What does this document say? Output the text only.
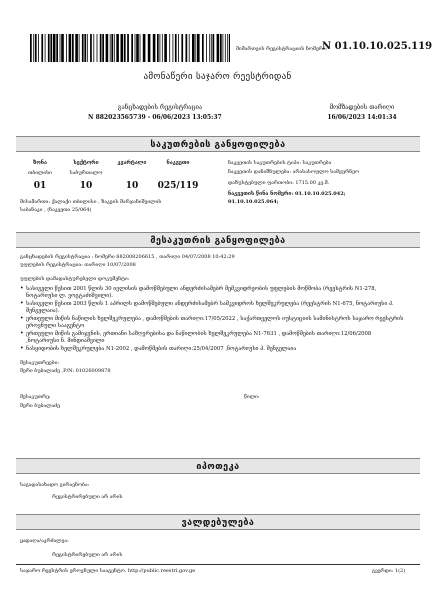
მიმართვის რეგისტრაციის ნომერი:
N 01.10.10.025.119
ამონაწერი საჯარო რეესტრიდან
განცხადების რეგისტრაცია
N 882023565739 - 06/06/2023 13:05:37
მომზადების თარიღი
16/06/2023 14:01:34
საკუთრების განყოფილება
ზონა	სექტორი	კვარტალი	ნაკვეთი
თბილისი	საბურთალო
01	10	10	025/119
მისამართი: ქალაქი თბილისი , ზაკეის მარჯანიშვილის
საბანაკი , (ნაკვეთი 25/064)
ნაკვეთის საკუთრების ტიპი: საკუთრება
ნაკვეთის დანიშნულება: არასასოფლო სამეურნეო
დაზუსტებული ფართობი: 1715.00 კვ.მ.
ნაკვეთის წინა ნომერი: 01.10.10.025.042;
01.10.10.025.064;
მესაკუთრის განყოფილება
განცხადების რეგისტრაცია : ნომერი 882008206615 , თარიღი 04/07/2008 10:42:29
უფლების რეგისტრაცია: თარიღი 10/07/2008
უფლების დამადასტურებელი დოკუმენტი:
• სასიგელი წესით 2001 წლის 30 ივლისის დამოწმებული ანდერძისამებრ მემკვიდრეობის უფლების მოწმობა (რეესტრის N1-278, ნოტარიუსი ლ. ვოგტაძიშვილი).
• სასიგელი წესით 2003 წლის 1 აპრილს დამოწმებული ანდერძისამებრ სამკვიდროს ხელშეკრულება (რეესტრის N1-675, ნოტარიუსი პ. შენგელაია).
• ერთეული მიწის ნაწილის ხელშეკრულება , დამოწმების თარიღი:17/05/2022 , საქართველოს იუსტიციის სამინისტროს საჯარო რეესტრის ეროვნული სააგენტო
• ერთეული მიწის გამიჯვნის, ერთიანი საზღვრებისა და ნაწილობის ხელშეკრულება N1-7631 , დამოწმების თარიღი:12/06/2008 ,ნოტარიუსი ნ. მინდიაშვილი
• ნასყიდობის ხელშეკრულება N1-2002 , დამოწმების თარიღი:25/04/2007 ,ნოტარიუსი პ. შენგელაია
მესაკუთრეები:
მერი ბუბალაძე ,P/N: 01026009878
მესაკუთრე:
მერი ბუბალაძე
წილი:
იპოთეკა
საგადასახადო გირავნობა:
რეგისტრირებული არ არის
ვალდებულება
ყადაღა/აკრძალვა:
რეგისტრირებული არ არის
საჯარო რეესტრის ეროვნული სააგენტო. http://public.reestri.gov.ge	გვერდი: 1(2)
